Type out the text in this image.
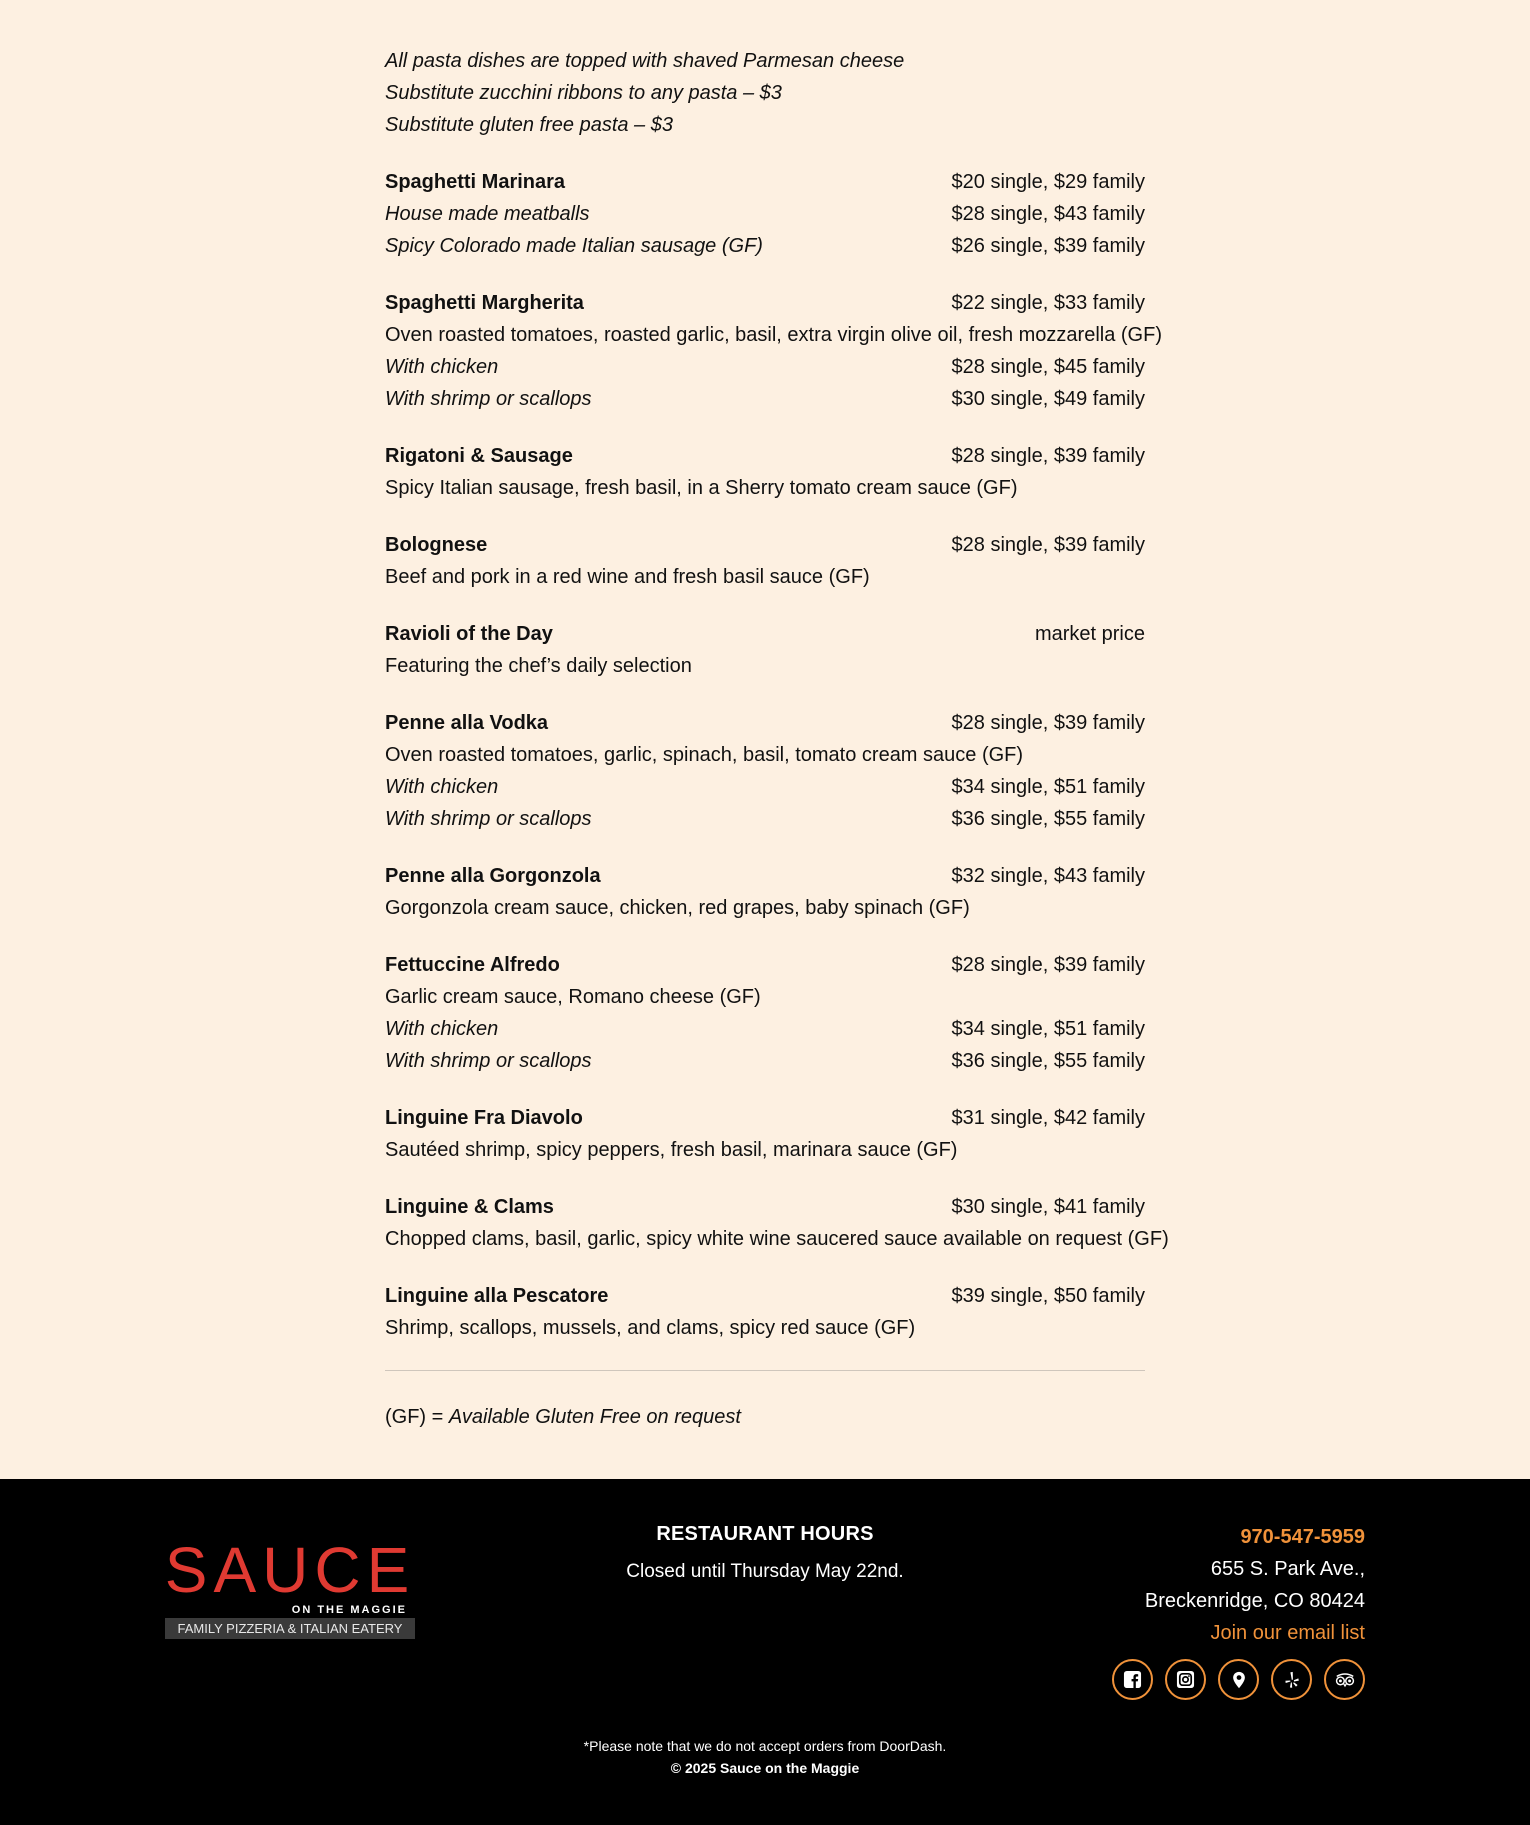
All pasta dishes are topped with shaved Parmesan cheese

Substitute zucchini ribbons to any pasta – $3

Substitute gluten free pasta – $3

Spaghetti Marinara	$20 single, $29 family
House made meatballs	$28 single, $43 family
Spicy Colorado made Italian sausage (GF)	$26 single, $39 family
Spaghetti Margherita	$22 single, $33 family
Oven roasted tomatoes, roasted garlic, basil, extra virgin olive oil, fresh mozzarella (GF)
With chicken	$28 single, $45 family
With shrimp or scallops	$30 single, $49 family
Rigatoni & Sausage	$28 single, $39 family
Spicy Italian sausage, fresh basil, in a Sherry tomato cream sauce (GF)
Bolognese	$28 single, $39 family
Beef and pork in a red wine and fresh basil sauce (GF)
Ravioli of the Day	market price
Featuring the chef’s daily selection
Penne alla Vodka	$28 single, $39 family
Oven roasted tomatoes, garlic, spinach, basil, tomato cream sauce (GF)
With chicken	$34 single, $51 family
With shrimp or scallops	$36 single, $55 family
Penne alla Gorgonzola	$32 single, $43 family
Gorgonzola cream sauce, chicken, red grapes, baby spinach (GF)
Fettuccine Alfredo	$28 single, $39 family
Garlic cream sauce, Romano cheese (GF)
With chicken	$34 single, $51 family
With shrimp or scallops	$36 single, $55 family
Linguine Fra Diavolo	$31 single, $42 family
Sautéed shrimp, spicy peppers, fresh basil, marinara sauce (GF)
Linguine & Clams	$30 single, $41 family
Chopped clams, basil, garlic, spicy white wine sauce red sauce available on request (GF)
Linguine alla Pescatore	$39 single, $50 family
Shrimp, scallops, mussels, and clams, spicy red sauce (GF)
(GF) = Available Gluten Free on request
SAUCE
ON THE MAGGIE
FAMILY PIZZERIA & ITALIAN EATERY
RESTAURANT HOURS
Closed until Thursday May 22nd.
970-547-5959
655 S. Park Ave.,
Breckenridge, CO 80424
Join our email list
*Please note that we do not accept orders from DoorDash.
© 2025 Sauce on the Maggie
